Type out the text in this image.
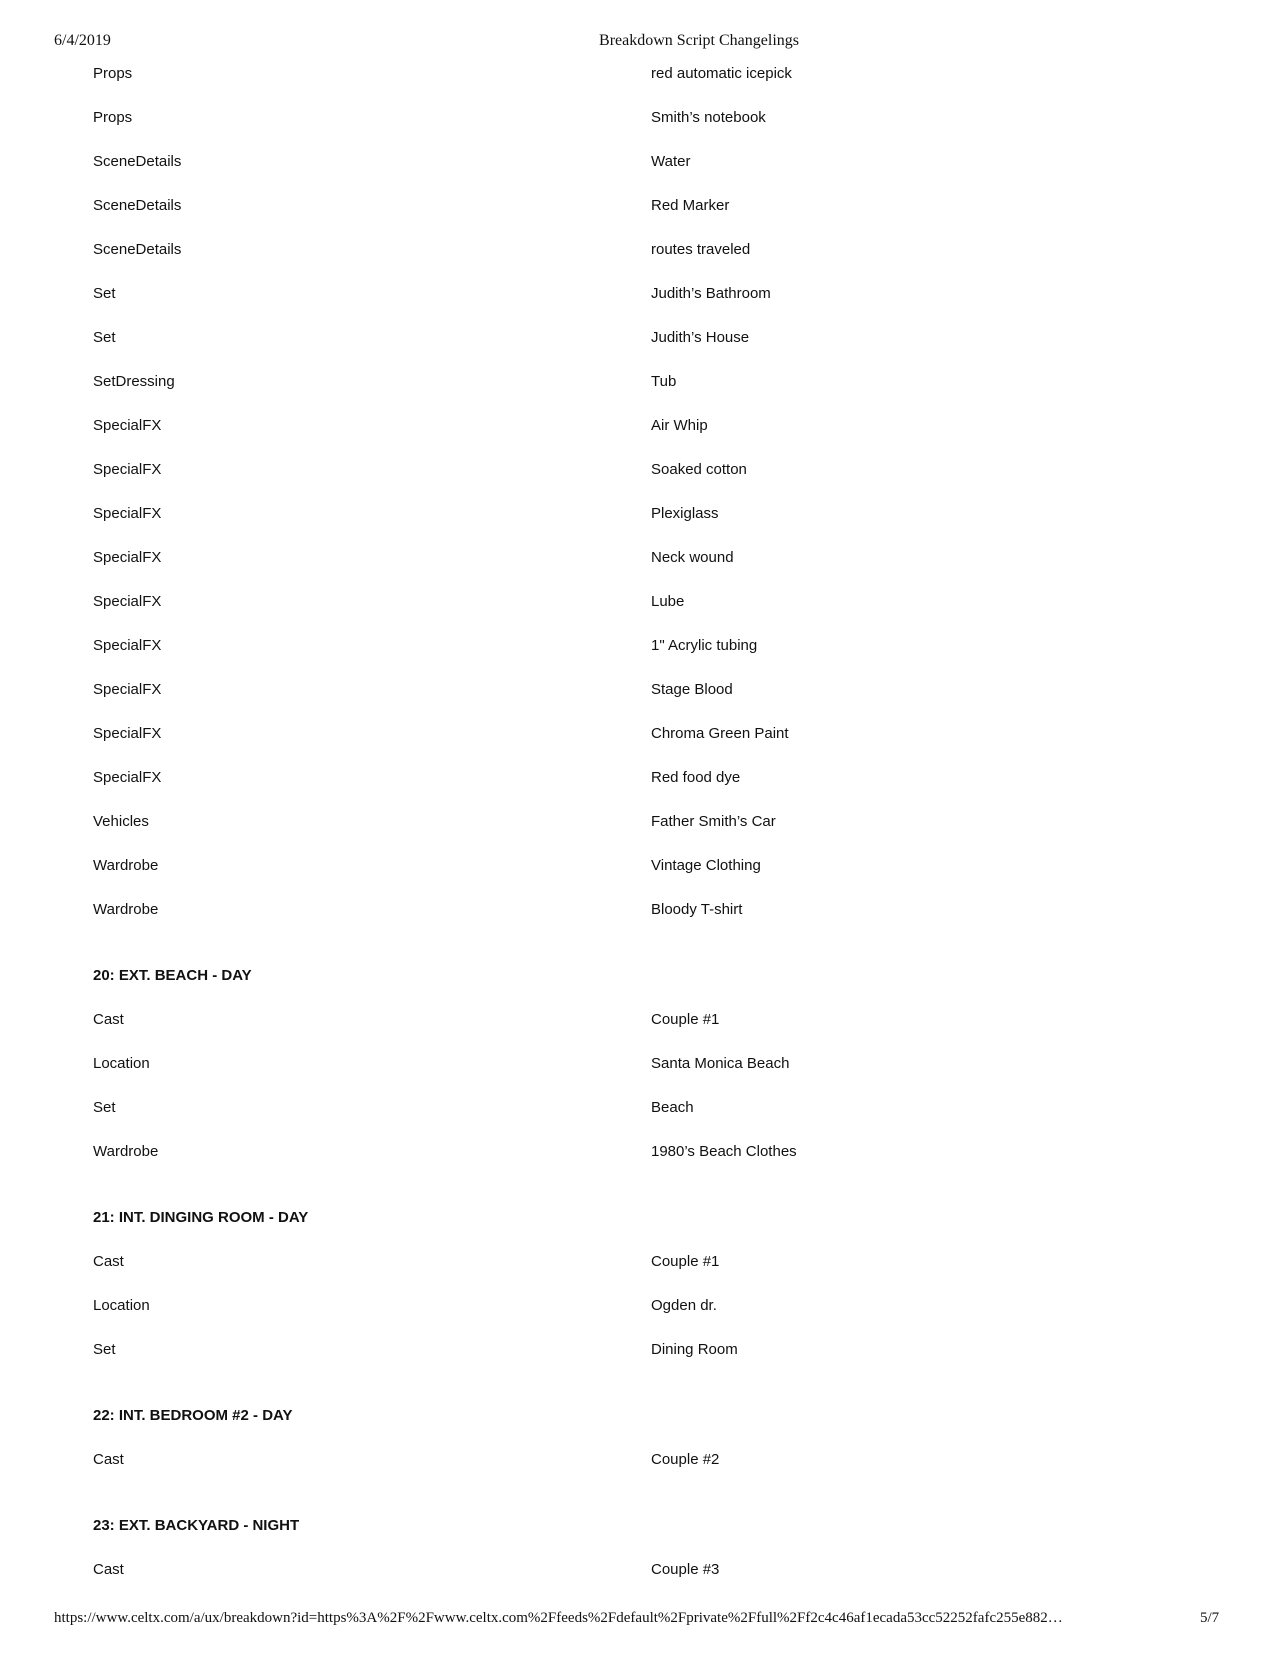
6/4/2019	Breakdown Script Changelings
Props	red automatic icepick
Props	Smith’s notebook
SceneDetails	Water
SceneDetails	Red Marker
SceneDetails	routes traveled
Set	Judith’s Bathroom
Set	Judith’s House
SetDressing	Tub
SpecialFX	Air Whip
SpecialFX	Soaked cotton
SpecialFX	Plexiglass
SpecialFX	Neck wound
SpecialFX	Lube
SpecialFX	1" Acrylic tubing
SpecialFX	Stage Blood
SpecialFX	Chroma Green Paint
SpecialFX	Red food dye
Vehicles	Father Smith’s Car
Wardrobe	Vintage Clothing
Wardrobe	Bloody T-shirt
20: EXT. BEACH - DAY
Cast	Couple #1
Location	Santa Monica Beach
Set	Beach
Wardrobe	1980’s Beach Clothes
21: INT. DINGING ROOM - DAY
Cast	Couple #1
Location	Ogden dr.
Set	Dining Room
22: INT. BEDROOM #2 - DAY
Cast	Couple #2
23: EXT. BACKYARD - NIGHT
Cast	Couple #3
https://www.celtx.com/a/ux/breakdown?id=https%3A%2F%2Fwww.celtx.com%2Ffeeds%2Fdefault%2Fprivate%2Ffull%2Ff2c4c46af1ecada53cc52252fafc255e882…	5/7
